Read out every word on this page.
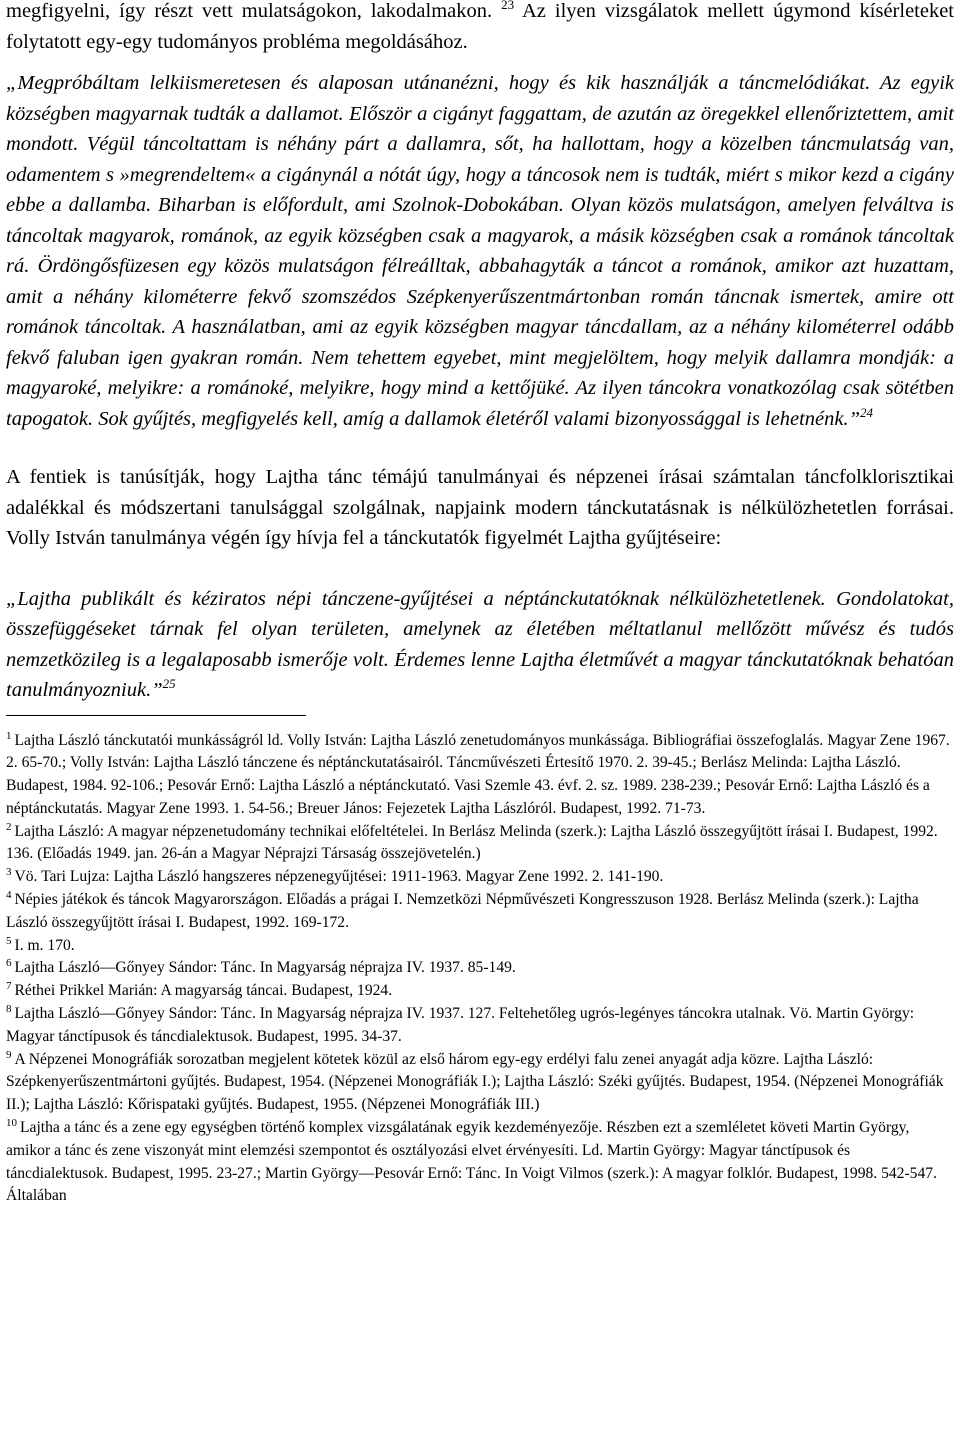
megfigyelni, így részt vett mulatságokon, lakodalmakon. $^{23}$ Az ilyen vizsgálatok mellett úgymond kísérleteket folytatott egy-egy tudományos probléma megoldásához.

„Megpróbáltam lelkiismeretesen és alaposan utánanézni, hogy és kik használják a táncmelódiákat. Az egyik községben magyarnak tudták a dallamot. Először a cigányt faggattam, de azután az öregekkel ellenőriztettem, amit mondott. Végül táncoltattam is néhány párt a dallamra, sőt, ha hallottam, hogy a közelben táncmulatság van, odamentem s »megrendeltem« a cigánynál a nótát úgy, hogy a táncosok nem is tudták, miért s mikor kezd a cigány ebbe a dallamba. Biharban is előfordult, ami Szolnok-Dobokában. Olyan közös mulatságon, amelyen felváltva is táncoltak magyarok, románok, az egyik községben csak a magyarok, a másik községben csak a románok táncoltak rá. Ördöngősfüzesen egy közös mulatságon félreálltak, abbahagyták a táncot a románok, amikor azt huzattam, amit a néhány kilométerre fekvő szomszédos Szépkenyerűszentmártonban román táncnak ismertek, amire ott románok táncoltak. A használatban, ami az egyik községben magyar táncdallam, az a néhány kilométerrel odább fekvő faluban igen gyakran román. Nem tehettem egyebet, mint megjelöltem, hogy melyik dallamra mondják: a magyaroké, melyikre: a románoké, melyikre, hogy mind a kettőjüké. Az ilyen táncokra vonatkozólag csak sötétben tapogatok. Sok gyűjtés, megfigyelés kell, amíg a dallamok életéről valami bizonyossággal is lehetnénk.”$^{24}$

A fentiek is tanúsítják, hogy Lajtha tánc témájú tanulmányai és népzenei írásai számtalan táncfolklorisztikai adalékkal és módszertani tanulsággal szolgálnak, napjaink modern tánckutatásnak is nélkülözhetetlen forrásai. Volly István tanulmánya végén így hívja fel a tánckutatók figyelmét Lajtha gyűjtéseire:

„Lajtha publikált és kéziratos népi tánczene-gyűjtései a néptánckutatóknak nélkülözhetetlenek. Gondolatokat, összefüggéseket tárnak fel olyan területen, amelynek az életében méltatlanul mellőzött művész és tudós nemzetközileg is a legalaposabb ismerője volt. Érdemes lenne Lajtha életművét a magyar tánckutatóknak behatóan tanulmányozniuk.”$^{25}$

$^1$ Lajtha László tánckutatói munkásságról ld. Volly István: Lajtha László zenetudományos munkássága. Bibliográfiai összefoglalás. Magyar Zene 1967. 2. 65-70.; Volly István: Lajtha László tánczene és néptánckutatásairól. Táncművészeti Értesítő 1970. 2. 39-45.; Berlász Melinda: Lajtha László. Budapest, 1984. 92-106.; Pesovár Ernő: Lajtha László a néptánckutató. Vasi Szemle 43. évf. 2. sz. 1989. 238-239.; Pesovár Ernő: Lajtha László és a néptánckutatás. Magyar Zene 1993. 1. 54-56.; Breuer János: Fejezetek Lajtha Lászlóról. Budapest, 1992. 71-73.

$^2$ Lajtha László: A magyar népzenetudomány technikai előfeltételei. In Berlász Melinda (szerk.): Lajtha László összegyűjtött írásai I. Budapest, 1992. 136. (Előadás 1949. jan. 26-án a Magyar Néprajzi Társaság összejövetelén.)

$^3$ Vö. Tari Lujza: Lajtha László hangszeres népzenegyűjtései: 1911-1963. Magyar Zene 1992. 2. 141-190.

$^4$ Népies játékok és táncok Magyarországon. Előadás a prágai I. Nemzetközi Népművészeti Kongresszuson 1928. Berlász Melinda (szerk.): Lajtha László összegyűjtött írásai I. Budapest, 1992. 169-172.

$^5$ I. m. 170.

$^6$ Lajtha László—Gőnyey Sándor: Tánc. In Magyarság néprajza IV. 1937. 85-149.

$^7$ Réthei Prikkel Marián: A magyarság táncai. Budapest, 1924.

$^8$ Lajtha László—Gőnyey Sándor: Tánc. In Magyarság néprajza IV. 1937. 127. Feltehetőleg ugrós-legényes táncokra utalnak. Vö. Martin György: Magyar tánctípusok és táncdialektusok. Budapest, 1995. 34-37.

$^9$ A Népzenei Monográfiák sorozatban megjelent kötetek közül az első három egy-egy erdélyi falu zenei anyagát adja közre. Lajtha László: Szépkenyerűszentmártoni gyűjtés. Budapest, 1954. (Népzenei Monográfiák I.); Lajtha László: Széki gyűjtés. Budapest, 1954. (Népzenei Monográfiák II.); Lajtha László: Kőrispataki gyűjtés. Budapest, 1955. (Népzenei Monográfiák III.)

$^{10}$ Lajtha a tánc és a zene egy egységben történő komplex vizsgálatának egyik kezdeményezője. Részben ezt a szemléletet követi Martin György, amikor a tánc és zene viszonyát mint elemzési szempontot és osztályozási elvet érvényesíti. Ld. Martin György: Magyar tánctípusok és táncdialektusok. Budapest, 1995. 23-27.; Martin György—Pesovár Ernő: Tánc. In Voigt Vilmos (szerk.): A magyar folklór. Budapest, 1998. 542-547. Általában
